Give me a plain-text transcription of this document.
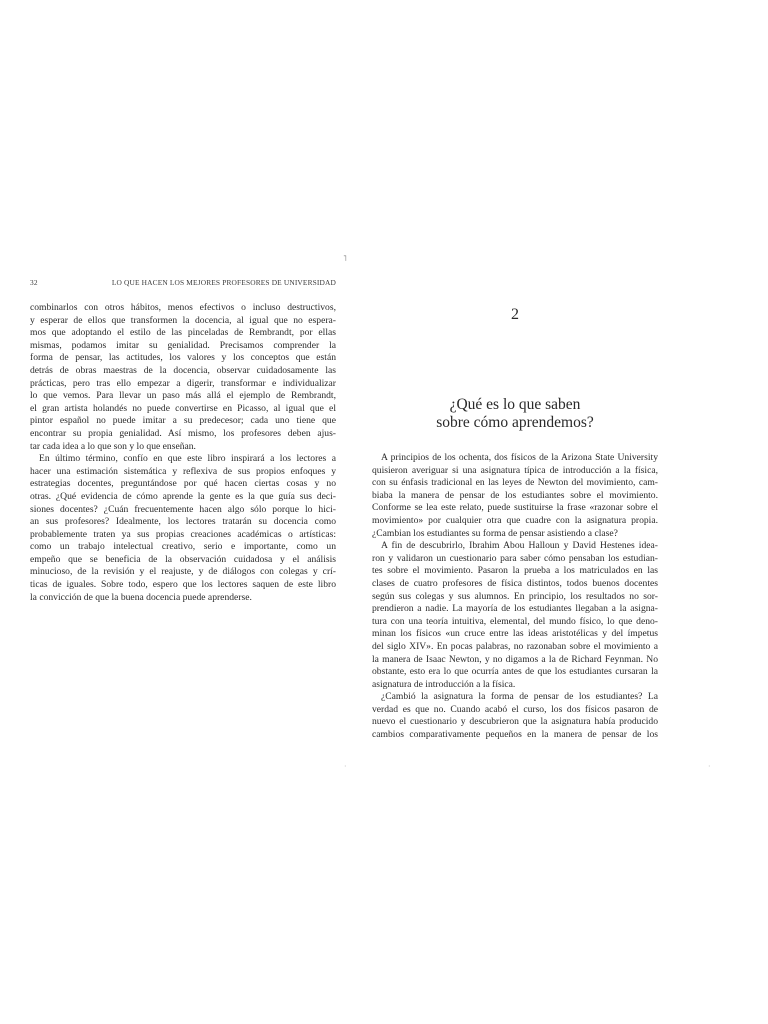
32	LO QUE HACEN LOS MEJORES PROFESORES DE UNIVERSIDAD
combinarlos con otros hábitos, menos efectivos o incluso destructivos,
y esperar de ellos que transformen la docencia, al igual que no espera-
mos que adoptando el estilo de las pinceladas de Rembrandt, por ellas
mismas, podamos imitar su genialidad. Precisamos comprender la
forma de pensar, las actitudes, los valores y los conceptos que están
detrás de obras maestras de la docencia, observar cuidadosamente las
prácticas, pero tras ello empezar a digerir, transformar e individualizar
lo que vemos. Para llevar un paso más allá el ejemplo de Rembrandt,
el gran artista holandés no puede convertirse en Picasso, al igual que el
pintor español no puede imitar a su predecesor; cada uno tiene que
encontrar su propia genialidad. Así mismo, los profesores deben ajus-
tar cada idea a lo que son y lo que enseñan.
En último término, confío en que este libro inspirará a los lectores a
hacer una estimación sistemática y reflexiva de sus propios enfoques y
estrategias docentes, preguntándose por qué hacen ciertas cosas y no
otras. ¿Qué evidencia de cómo aprende la gente es la que guía sus deci-
siones docentes? ¿Cuán frecuentemente hacen algo sólo porque lo hici-
an sus profesores? Idealmente, los lectores tratarán su docencia como
probablemente traten ya sus propias creaciones académicas o artísticas:
como un trabajo intelectual creativo, serio e importante, como un
empeño que se beneficia de la observación cuidadosa y el análisis
minucioso, de la revisión y el reajuste, y de diálogos con colegas y crí-
ticas de iguales. Sobre todo, espero que los lectores saquen de este libro
la convicción de que la buena docencia puede aprenderse.
2
¿Qué es lo que saben
sobre cómo aprendemos?
A principios de los ochenta, dos físicos de la Arizona State University
quisieron averiguar si una asignatura típica de introducción a la física,
con su énfasis tradicional en las leyes de Newton del movimiento, cam-
biaba la manera de pensar de los estudiantes sobre el movimiento.
Conforme se lea este relato, puede sustituirse la frase «razonar sobre el
movimiento» por cualquier otra que cuadre con la asignatura propia.
¿Cambian los estudiantes su forma de pensar asistiendo a clase?
A fin de descubrirlo, Ibrahim Abou Halloun y David Hestenes idea-
ron y validaron un cuestionario para saber cómo pensaban los estudian-
tes sobre el movimiento. Pasaron la prueba a los matriculados en las
clases de cuatro profesores de física distintos, todos buenos docentes
según sus colegas y sus alumnos. En principio, los resultados no sor-
prendieron a nadie. La mayoría de los estudiantes llegaban a la asigna-
tura con una teoría intuitiva, elemental, del mundo físico, lo que deno-
minan los físicos «un cruce entre las ideas aristotélicas y del ímpetus
del siglo XIV». En pocas palabras, no razonaban sobre el movimiento a
la manera de Isaac Newton, y no digamos a la de Richard Feynman. No
obstante, esto era lo que ocurría antes de que los estudiantes cursaran la
asignatura de introducción a la física.
¿Cambió la asignatura la forma de pensar de los estudiantes? La
verdad es que no. Cuando acabó el curso, los dos físicos pasaron de
nuevo el cuestionario y descubrieron que la asignatura había producido
cambios comparativamente pequeños en la manera de pensar de los
˥
·	·
